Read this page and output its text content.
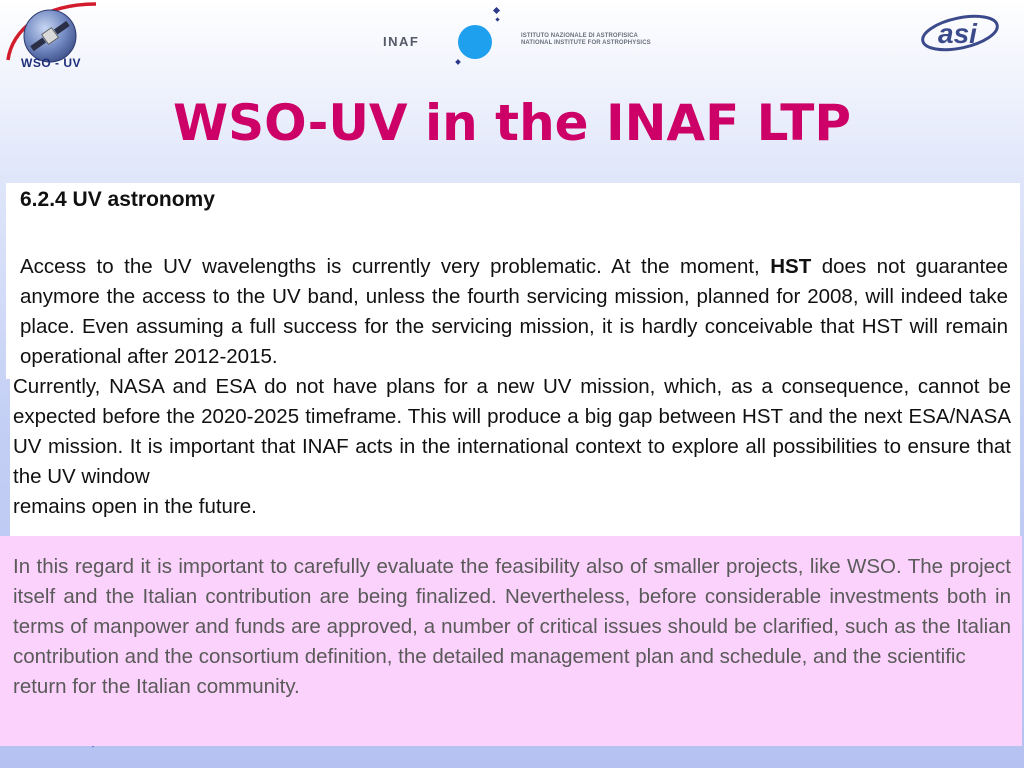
WSO - UV
INAF	ISTITUTO NAZIONALE DI ASTROFISICA
NATIONAL INSTITUTE FOR ASTROPHYSICS	asi
WSO-UV in the INAF LTP
6.2.4 UV astronomy

Access to the UV wavelengths is currently very problematic. At the moment, HST does not guarantee anymore the access to the UV band, unless the fourth servicing mission, planned for 2008, will indeed take place. Even assuming a full success for the servicing mission, it is hardly conceivable that HST will remain operational after 2012-2015.

Currently, NASA and ESA do not have plans for a new UV mission, which, as a consequence, cannot be expected before the 2020-2025 timeframe. This will produce a big gap between HST and the next ESA/NASA UV mission. It is important that INAF acts in the international context to explore all possibilities to ensure that the UV window
remains open in the future.

In this regard it is important to carefully evaluate the feasibility also of smaller projects, like WSO. The project itself and the Italian contribution are being finalized. Nevertheless, before considerable investments both in terms of manpower and funds are approved, a number of critical issues should be clarified, such as the Italian contribution and the consortium definition, the detailed management plan and schedule, and the scientific
return for the Italian community.
